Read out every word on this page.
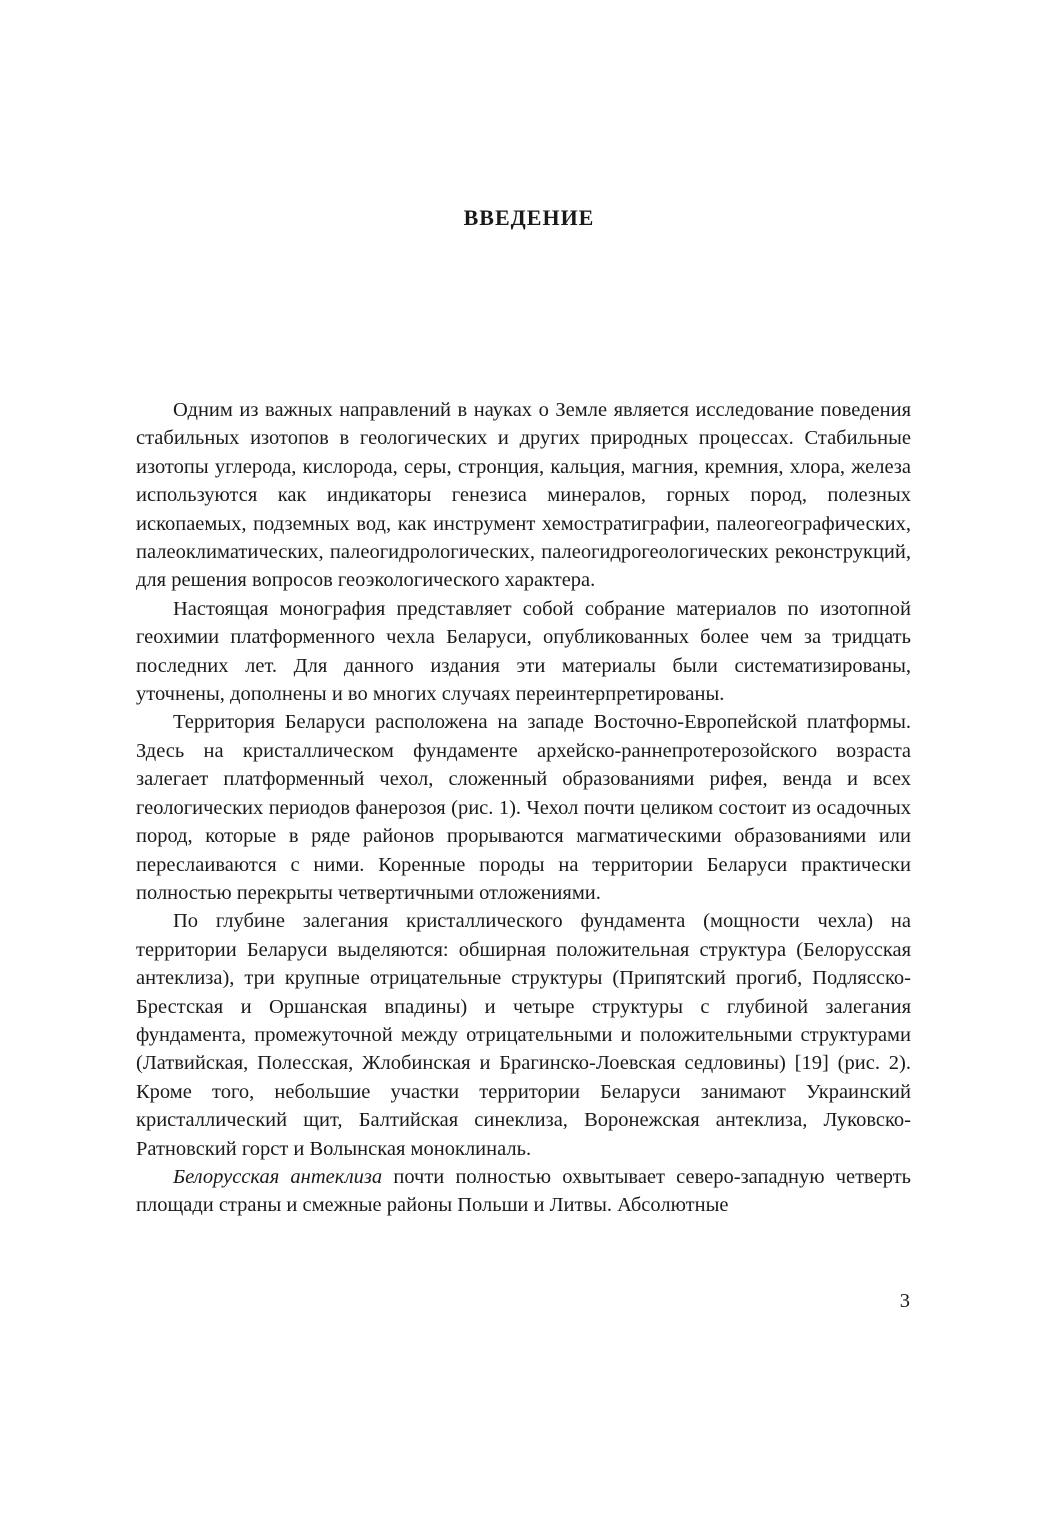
ВВЕДЕНИЕ

Одним из важных направлений в науках о Земле является исследование поведения стабильных изотопов в геологических и других природных процессах. Стабильные изотопы углерода, кислорода, серы, стронция, кальция, магния, кремния, хлора, железа используются как индикаторы генезиса минералов, горных пород, полезных ископаемых, подземных вод, как инструмент хемостратиграфии, палеогеографических, палеоклиматических, палеогидрологических, палеогидрогеологических реконструкций, для решения вопросов геоэкологического характера.

Настоящая монография представляет собой собрание материалов по изотопной геохимии платформенного чехла Беларуси, опубликованных более чем за тридцать последних лет. Для данного издания эти материалы были систематизированы, уточнены, дополнены и во многих случаях переинтерпретированы.

Территория Беларуси расположена на западе Восточно-Европейской платформы. Здесь на кристаллическом фундаменте архейско-раннепротерозойского возраста залегает платформенный чехол, сложенный образованиями рифея, венда и всех геологических периодов фанерозоя (рис. 1). Чехол почти целиком состоит из осадочных пород, которые в ряде районов прорываются магматическими образованиями или переслаиваются с ними. Коренные породы на территории Беларуси практически полностью перекрыты четвертичными отложениями.

По глубине залегания кристаллического фундамента (мощности чехла) на территории Беларуси выделяются: обширная положительная структура (Белорусская антеклиза), три крупные отрицательные структуры (Припятский прогиб, Подлясско-Брестская и Оршанская впадины) и четыре структуры с глубиной залегания фундамента, промежуточной между отрицательными и положительными структурами (Латвийская, Полесская, Жлобинская и Брагинско-Лоевская седловины) [19] (рис. 2). Кроме того, небольшие участки территории Беларуси занимают Украинский кристаллический щит, Балтийская синеклиза, Воронежская антеклиза, Луковско-Ратновский горст и Волынская моноклиналь.

Белорусская антеклиза почти полностью охвытывает северо-западную четверть площади страны и смежные районы Польши и Литвы. Абсолютные

3
